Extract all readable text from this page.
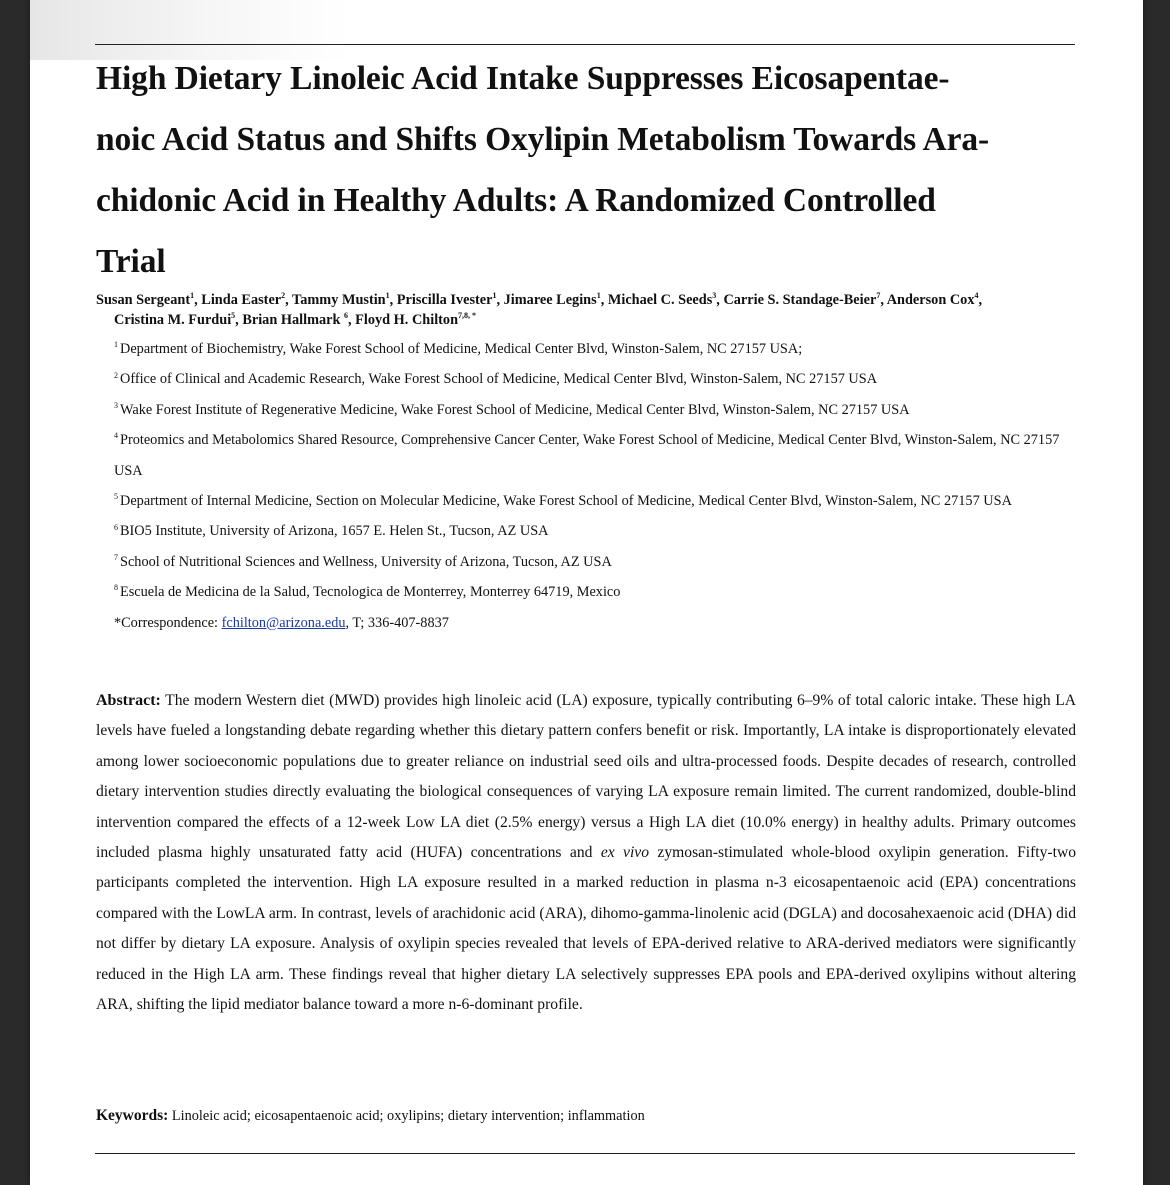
High Dietary Linoleic Acid Intake Suppresses Eicosapentae-
noic Acid Status and Shifts Oxylipin Metabolism Towards Ara-
chidonic Acid in Healthy Adults: A Randomized Controlled
Trial
Susan Sergeant$^1$, Linda Easter$^2$, Tammy Mustin$^1$, Priscilla Ivester$^1$, Jimaree Legins$^1$, Michael C. Seeds$^3$, Carrie S. Standage-Beier$^7$, Anderson Cox$^4$,
Cristina M. Furdui$^5$, Brian Hallmark $^6$, Floyd H. Chilton$^{7,8, *}$
$^1$ Department of Biochemistry, Wake Forest School of Medicine, Medical Center Blvd, Winston-Salem, NC 27157 USA;
$^2$ Office of Clinical and Academic Research, Wake Forest School of Medicine, Medical Center Blvd, Winston-Salem, NC 27157 USA
$^3$ Wake Forest Institute of Regenerative Medicine, Wake Forest School of Medicine, Medical Center Blvd, Winston-Salem, NC 27157 USA
$^4$ Proteomics and Metabolomics Shared Resource, Comprehensive Cancer Center, Wake Forest School of Medicine, Medical Center Blvd, Winston-Salem, NC 27157 USA
$^5$ Department of Internal Medicine, Section on Molecular Medicine, Wake Forest School of Medicine, Medical Center Blvd, Winston-Salem, NC 27157 USA
$^6$ BIO5 Institute, University of Arizona, 1657 E. Helen St., Tucson, AZ USA
$^7$ School of Nutritional Sciences and Wellness, University of Arizona, Tucson, AZ USA
$^8$ Escuela de Medicina de la Salud, Tecnologica de Monterrey, Monterrey 64719, Mexico
*Correspondence: fchilton@arizona.edu, T; 336-407-8837
Abstract: The modern Western diet (MWD) provides high linoleic acid (LA) exposure, typically contributing 6–9% of total caloric intake. These high LA levels have fueled a longstanding debate regarding whether this dietary pattern confers benefit or risk. Importantly, LA intake is disproportionately elevated among lower socioeconomic populations due to greater reliance on industrial seed oils and ultra-processed foods. Despite decades of research, controlled dietary intervention studies directly evaluating the biological consequences of varying LA exposure remain limited. The current randomized, double-blind intervention compared the effects of a 12-week Low LA diet (2.5% energy) versus a High LA diet (10.0% energy) in healthy adults. Primary outcomes included plasma highly unsaturated fatty acid (HUFA) concentrations and ex vivo zymosan-stimulated whole-blood oxylipin generation. Fifty-two participants completed the intervention. High LA exposure resulted in a marked reduction in plasma n-3 eicosapentaenoic acid (EPA) concentrations compared with the LowLA arm. In contrast, levels of arachidonic acid (ARA), dihomo-gamma-linolenic acid (DGLA) and docosahexaenoic acid (DHA) did not differ by dietary LA exposure. Analysis of oxylipin species revealed that levels of EPA-derived relative to ARA-derived mediators were significantly reduced in the High LA arm. These findings reveal that higher dietary LA selectively suppresses EPA pools and EPA-derived oxylipins without altering ARA, shifting the lipid mediator balance toward a more n-6-dominant profile.
Keywords: Linoleic acid; eicosapentaenoic acid; oxylipins; dietary intervention; inflammation
